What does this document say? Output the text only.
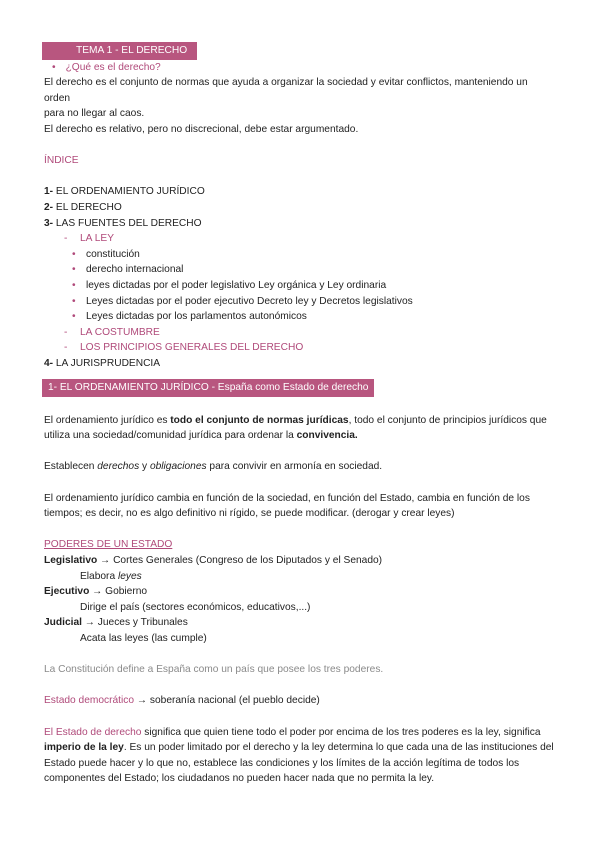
TEMA 1 - EL DERECHO

• ¿Qué es el derecho?

El derecho es el conjunto de normas que ayuda a organizar la sociedad y evitar conflictos, manteniendo un orden

para no llegar al caos.

El derecho es relativo, pero no discrecional, debe estar argumentado.

ÍNDICE

1- EL ORDENAMIENTO JURÍDICO

2- EL DERECHO

3- LAS FUENTES DEL DERECHO

- LA LEY

• constitución

• derecho internacional

• leyes dictadas por el poder legislativo Ley orgánica y Ley ordinaria

• Leyes dictadas por el poder ejecutivo Decreto ley y Decretos legislativos

• Leyes dictadas por los parlamentos autonómicos

- LA COSTUMBRE

- LOS PRINCIPIOS GENERALES DEL DERECHO

4- LA JURISPRUDENCIA

1- EL ORDENAMIENTO JURÍDICO - España como Estado de derecho

El ordenamiento jurídico es todo el conjunto de normas jurídicas, todo el conjunto de principios jurídicos que

utiliza una sociedad/comunidad jurídica para ordenar la convivencia.

Establecen derechos y obligaciones para convivir en armonía en sociedad.

El ordenamiento jurídico cambia en función de la sociedad, en función del Estado, cambia en función de los

tiempos; es decir, no es algo definitivo ni rígido, se puede modificar. (derogar y crear leyes)

PODERES DE UN ESTADO

Legislativo → Cortes Generales (Congreso de los Diputados y el Senado)

Elabora leyes

Ejecutivo → Gobierno

Dirige el país (sectores económicos, educativos,...)

Judicial → Jueces y Tribunales

Acata las leyes (las cumple)

La Constitución define a España como un país que posee los tres poderes.

Estado democrático → soberanía nacional (el pueblo decide)

El Estado de derecho significa que quien tiene todo el poder por encima de los tres poderes es la ley, significa

imperio de la ley. Es un poder limitado por el derecho y la ley determina lo que cada una de las instituciones del

Estado puede hacer y lo que no, establece las condiciones y los límites de la acción legítima de todos los

componentes del Estado; los ciudadanos no pueden hacer nada que no permita la ley.
